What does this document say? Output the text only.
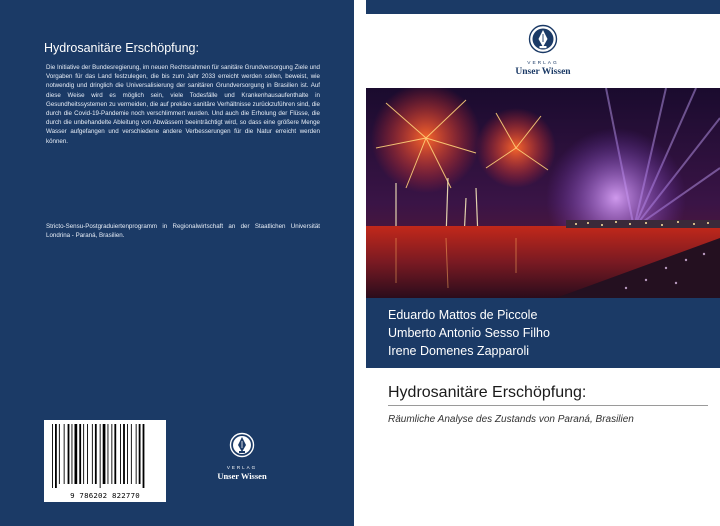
Hydrosanitäre Erschöpfung:
Die Initiative der Bundesregierung, im neuen Rechtsrahmen für sanitäre Grundversorgung Ziele und Vorgaben für das Land festzulegen, die bis zum Jahr 2033 erreicht werden sollen, beweist, wie notwendig und dringlich die Universalisierung der sanitären Grundversorgung in Brasilien ist. Auf diese Weise wird es möglich sein, viele Todesfälle und Krankenhausaufenthalte in Gesundheitssystemen zu vermeiden, die auf prekäre sanitäre Verhältnisse zurückzuführen sind, die durch die Covid-19-Pandemie noch verschlimmert wurden. Und auch die Erholung der Flüsse, die durch die unbehandelte Ableitung von Abwässern beeinträchtigt wird, so dass eine größere Menge Wasser aufgefangen und verschiedene andere Verbesserungen für die Natur erreicht werden können.
Stricto-Sensu-Postgraduiertenprogramm in Regionalwirtschaft an der Staatlichen Universität Londrina - Paraná, Brasilien.
9 786202 822770
VERLAG
Unser Wissen
VERLAG
Unser Wissen
Eduardo Mattos de Piccole
Umberto Antonio Sesso Filho
Irene Domenes Zapparoli
Hydrosanitäre Erschöpfung:
Räumliche Analyse des Zustands von Paraná, Brasilien
